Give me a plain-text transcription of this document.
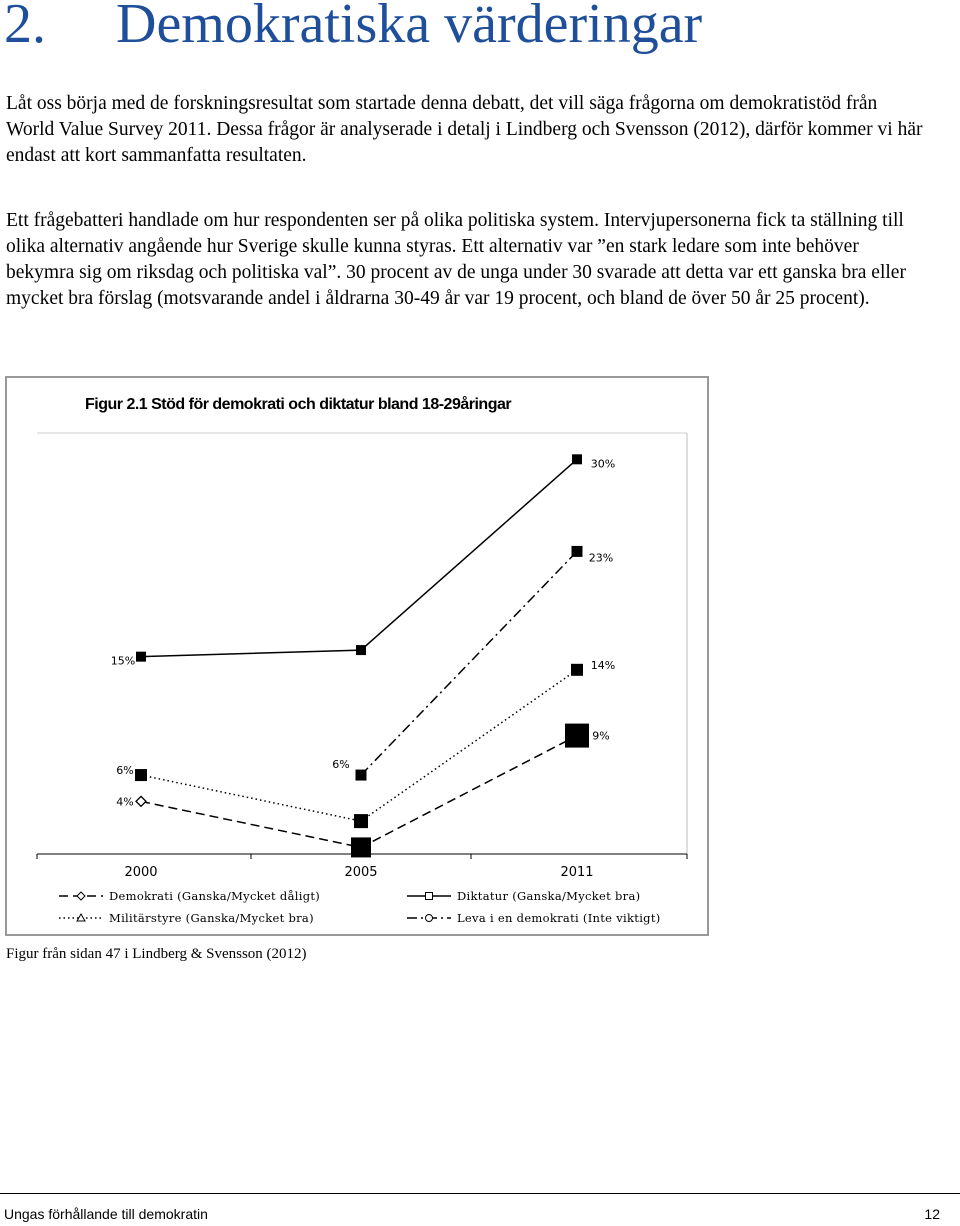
2. Demokratiska värderingar

Låt oss börja med de forskningsresultat som startade denna debatt, det vill säga frågorna om demokratistöd från World Value Survey 2011. Dessa frågor är analyserade i detalj i Lindberg och Svensson (2012), därför kommer vi här endast att kort sammanfatta resultaten.

Ett frågebatteri handlade om hur respondenten ser på olika politiska system. Intervjupersonerna fick ta ställning till olika alternativ angående hur Sverige skulle kunna styras. Ett alternativ var ”en stark ledare som inte behöver bekymra sig om riksdag och politiska val”. 30 procent av de unga under 30 svarade att detta var ett ganska bra eller mycket bra förslag (motsvarande andel i åldrarna 30-49 år var 19 procent, och bland de över 50 år 25 procent).

Figur 2.1 Stöd för demokrati och diktatur bland 18-29åringar
2000	2005	2011
4%
9%
15%
30%
6%
14%
6%
23%
Demokrati (Ganska/Mycket dåligt)	Diktatur (Ganska/Mycket bra)
Militärstyre (Ganska/Mycket bra)	Leva i en demokrati (Inte viktigt)
Figur från sidan 47 i Lindberg & Svensson (2012)
Ungas förhållande till demokratin	12
